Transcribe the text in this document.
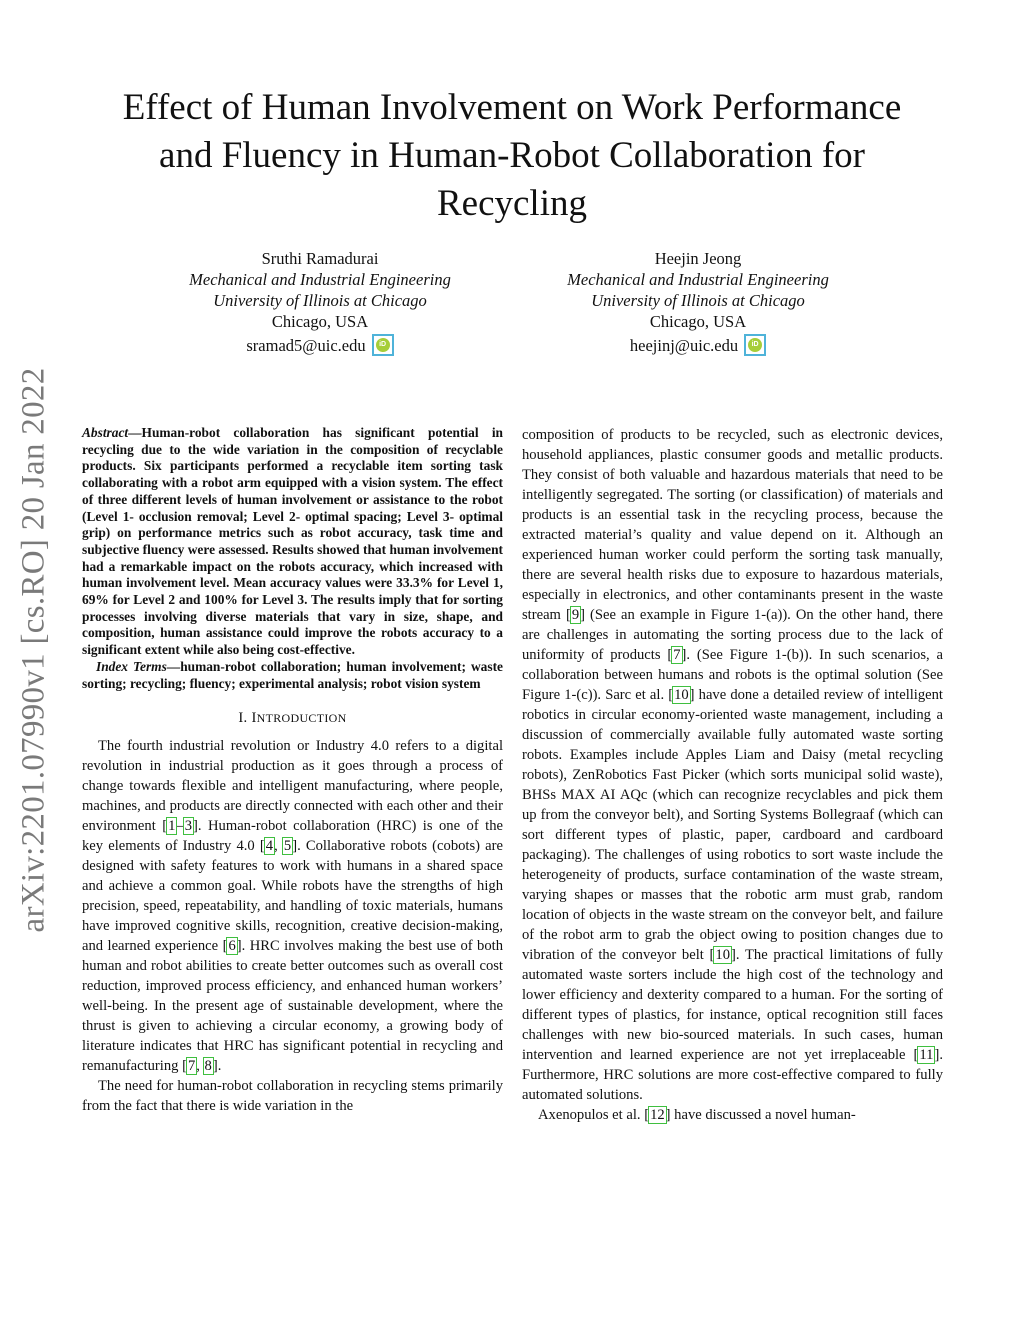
arXiv:2201.07990v1 [cs.RO] 20 Jan 2022
Effect of Human Involvement on Work Performance
and Fluency in Human-Robot Collaboration for
Recycling
Sruthi Ramadurai
Mechanical and Industrial Engineering
University of Illinois at Chicago
Chicago, USA
sramad5@uic.edu	iD
Heejin Jeong
Mechanical and Industrial Engineering
University of Illinois at Chicago
Chicago, USA
heejinj@uic.edu	iD

Abstract—Human-robot collaboration has significant potential in recycling due to the wide variation in the composition of recyclable products. Six participants performed a recyclable item sorting task collaborating with a robot arm equipped with a vision system. The effect of three different levels of human involvement or assistance to the robot (Level 1- occlusion removal; Level 2- optimal spacing; Level 3- optimal grip) on performance metrics such as robot accuracy, task time and subjective fluency were assessed. Results showed that human involvement had a remarkable impact on the robots accuracy, which increased with human involvement level. Mean accuracy values were 33.3% for Level 1, 69% for Level 2 and 100% for Level 3. The results imply that for sorting processes involving diverse materials that vary in size, shape, and composition, human assistance could improve the robots accuracy to a significant extent while also being cost-effective.

Index Terms—human-robot collaboration; human involvement; waste sorting; recycling; fluency; experimental analysis; robot vision system

I. INTRODUCTION

The fourth industrial revolution or Industry 4.0 refers to a digital revolution in industrial production as it goes through a process of change towards flexible and intelligent manufacturing, where people, machines, and products are directly connected with each other and their environment [1–3]. Human-robot collaboration (HRC) is one of the key elements of Industry 4.0 [4, 5]. Collaborative robots (cobots) are designed with safety features to work with humans in a shared space and achieve a common goal. While robots have the strengths of high precision, speed, repeatability, and handling of toxic materials, humans have improved cognitive skills, recognition, creative decision-making, and learned experience [6]. HRC involves making the best use of both human and robot abilities to create better outcomes such as overall cost reduction, improved process efficiency, and enhanced human workers’ well-being. In the present age of sustainable development, where the thrust is given to achieving a circular economy, a growing body of literature indicates that HRC has significant potential in recycling and remanufacturing [7, 8].

The need for human-robot collaboration in recycling stems primarily from the fact that there is wide variation in the

composition of products to be recycled, such as electronic devices, household appliances, plastic consumer goods and metallic products. They consist of both valuable and hazardous materials that need to be intelligently segregated. The sorting (or classification) of materials and products is an essential task in the recycling process, because the extracted material’s quality and value depend on it. Although an experienced human worker could perform the sorting task manually, there are several health risks due to exposure to hazardous materials, especially in electronics, and other contaminants present in the waste stream [9] (See an example in Figure 1-(a)). On the other hand, there are challenges in automating the sorting process due to the lack of uniformity of products [7]. (See Figure 1-(b)). In such scenarios, a collaboration between humans and robots is the optimal solution (See Figure 1-(c)). Sarc et al. [10] have done a detailed review of intelligent robotics in circular economy-oriented waste management, including a discussion of commercially available fully automated waste sorting robots. Examples include Apples Liam and Daisy (metal recycling robots), ZenRobotics Fast Picker (which sorts municipal solid waste), BHSs MAX AI AQc (which can recognize recyclables and pick them up from the conveyor belt), and Sorting Systems Bollegraaf (which can sort different types of plastic, paper, cardboard and cardboard packaging). The challenges of using robotics to sort waste include the heterogeneity of products, surface contamination of the waste stream, varying shapes or masses that the robotic arm must grab, random location of objects in the waste stream on the conveyor belt, and failure of the robot arm to grab the object owing to position changes due to vibration of the conveyor belt [10]. The practical limitations of fully automated waste sorters include the high cost of the technology and lower efficiency and dexterity compared to a human. For the sorting of different types of plastics, for instance, optical recognition still faces challenges with new bio-sourced materials. In such cases, human intervention and learned experience are not yet irreplaceable [11]. Furthermore, HRC solutions are more cost-effective compared to fully automated solutions.

Axenopulos et al. [12] have discussed a novel human-
